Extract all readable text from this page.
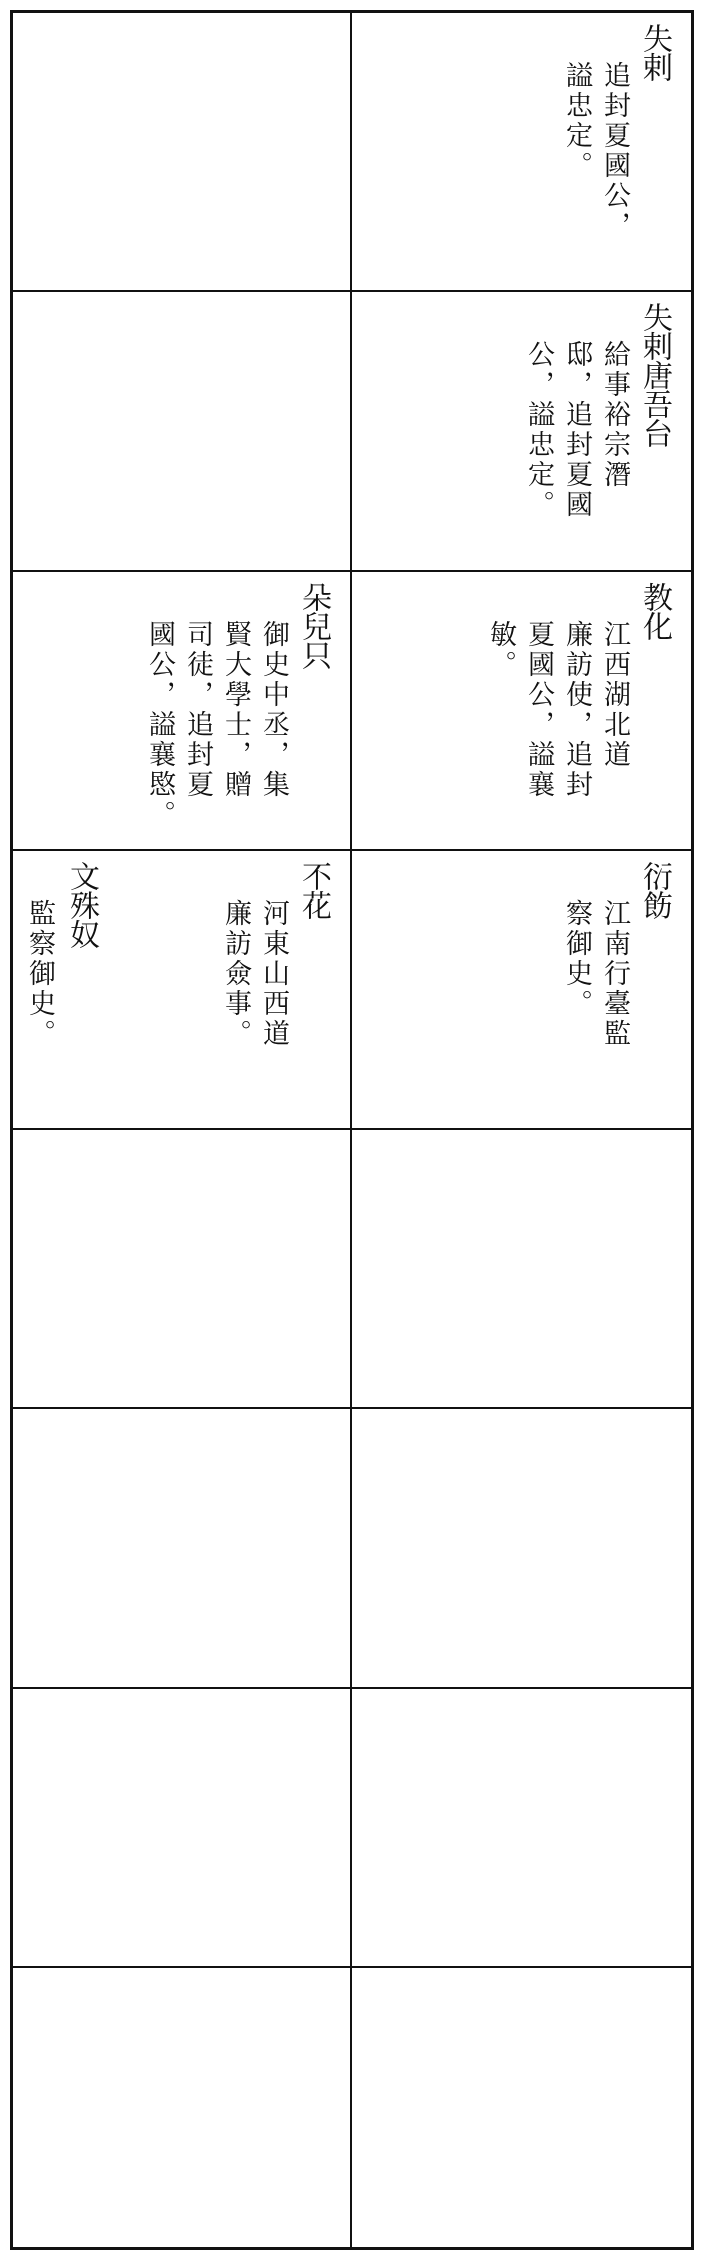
失剌
追封夏國公，
謚忠定。
失剌唐吾台
給事裕宗潛
邸，追封夏國
公，謚忠定。
朵兒只
御史中丞，集
賢大學士，贈
司徒，追封夏
國公，謚襄愍。
教化
江西湖北道
廉訪使，追封
夏國公，謚襄
敏。
不花
河東山西道
廉訪僉事。
文殊奴
監察御史。
衍飭
江南行臺監
察御史。
